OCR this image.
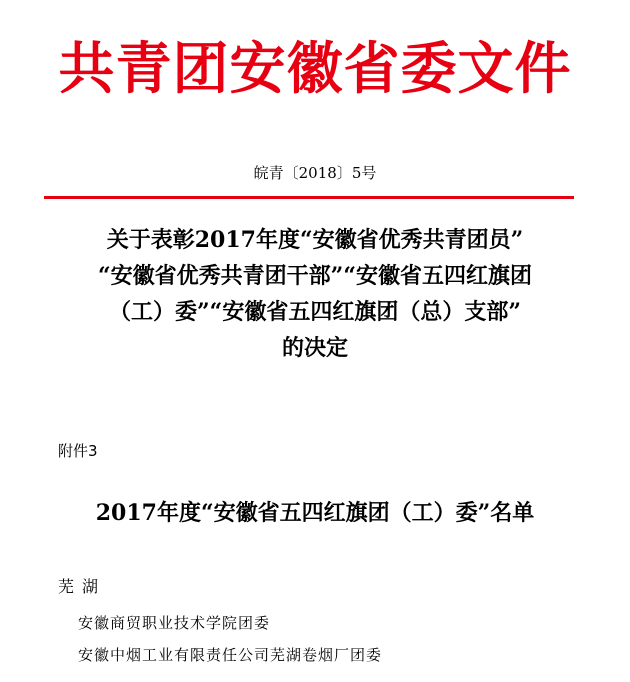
共青团安徽省委文件
皖青〔2018〕5号
关于表彰2017年度“安徽省优秀共青团员”
“安徽省优秀共青团干部”“安徽省五四红旗团
（工）委”“安徽省五四红旗团（总）支部”
的决定
附件3
2017年度“安徽省五四红旗团（工）委”名单
芜湖
安徽商贸职业技术学院团委
安徽中烟工业有限责任公司芜湖卷烟厂团委
